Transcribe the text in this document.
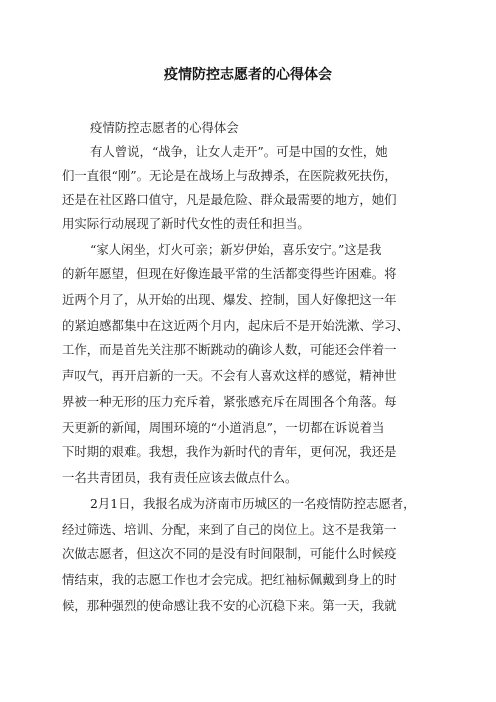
疫情防控志愿者的心得体会
疫情防控志愿者的心得体会
有人曾说，“战争，让女人走开”。可是中国的女性，她
们一直很“刚”。无论是在战场上与敌搏杀，在医院救死扶伤，
还是在社区路口值守，凡是最危险、群众最需要的地方，她们
用实际行动展现了新时代女性的责任和担当。
“家人闲坐，灯火可亲；新岁伊始，喜乐安宁。”这是我
的新年愿望，但现在好像连最平常的生活都变得些许困难。将
近两个月了，从开始的出现、爆发、控制，国人好像把这一年
的紧迫感都集中在这近两个月内，起床后不是开始洗漱、学习、
工作，而是首先关注那不断跳动的确诊人数，可能还会伴着一
声叹气，再开启新的一天。不会有人喜欢这样的感觉，精神世
界被一种无形的压力充斥着，紧张感充斥在周围各个角落。每
天更新的新闻，周围环境的“小道消息”，一切都在诉说着当
下时期的艰难。我想，我作为新时代的青年，更何况，我还是
一名共青团员，我有责任应该去做点什么。
2月1日，我报名成为济南市历城区的一名疫情防控志愿者，
经过筛选、培训、分配，来到了自己的岗位上。这不是我第一
次做志愿者，但这次不同的是没有时间限制，可能什么时候疫
情结束，我的志愿工作也才会完成。把红袖标佩戴到身上的时
候，那种强烈的使命感让我不安的心沉稳下来。第一天，我就
